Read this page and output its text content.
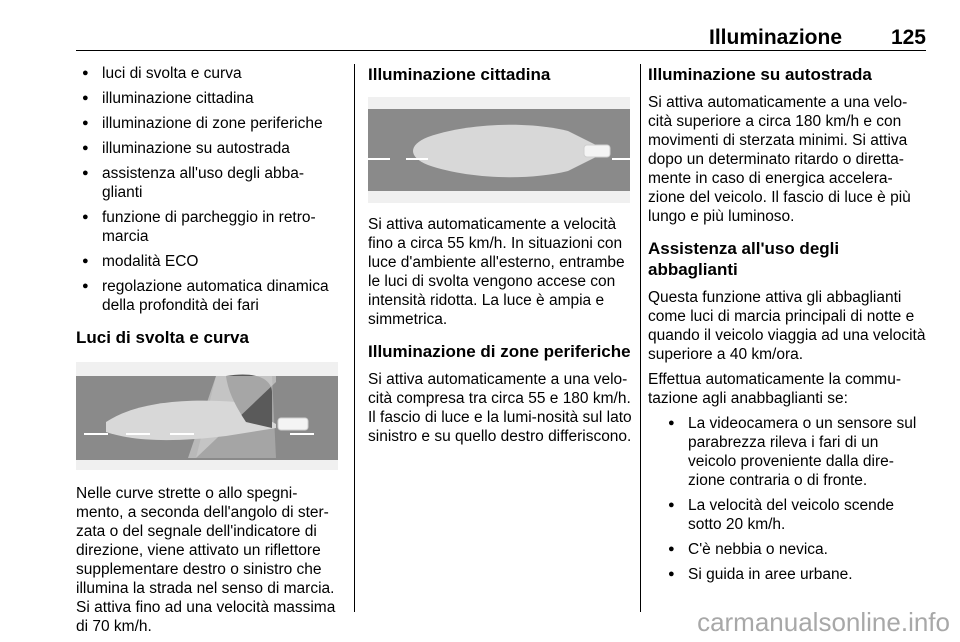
Illuminazione 125
● luci di svolta e curva
● illuminazione cittadina
● illuminazione di zone periferiche
● illuminazione su autostrada
● assistenza all'uso degli abba-glianti
● funzione di parcheggio in retro-marcia
● modalità ECO
● regolazione automatica dinamica della profondità dei fari
Luci di svolta e curva

Nelle curve strette o allo spegni-mento, a seconda dell'angolo di ster-zata o del segnale dell'indicatore di direzione, viene attivato un riflettore supplementare destro o sinistro che illumina la strada nel senso di marcia. Si attiva fino ad una velocità massima di 70 km/h.

Illuminazione cittadina

Si attiva automaticamente a velocità fino a circa 55 km/h. In situazioni con luce d'ambiente all'esterno, entrambe le luci di svolta vengono accese con intensità ridotta. La luce è ampia e simmetrica.

Illuminazione di zone periferiche

Si attiva automaticamente a una velo-cità compresa tra circa 55 e 180 km/h. Il fascio di luce e la lumi-nosità sul lato sinistro e su quello destro differiscono.

Illuminazione su autostrada

Si attiva automaticamente a una velo-cità superiore a circa 180 km/h e con movimenti di sterzata minimi. Si attiva dopo un determinato ritardo o diretta-mente in caso di energica accelera-zione del veicolo. Il fascio di luce è più lungo e più luminoso.

Assistenza all'uso degli abbaglianti

Questa funzione attiva gli abbaglianti come luci di marcia principali di notte e quando il veicolo viaggia ad una velocità superiore a 40 km/ora.

Effettua automaticamente la commu-tazione agli anabbaglianti se:

● La videocamera o un sensore sul parabrezza rileva i fari di un veicolo proveniente dalla dire-zione contraria o di fronte.
● La velocità del veicolo scende sotto 20 km/h.
● C'è nebbia o nevica.
● Si guida in aree urbane.
carmanualsonline.info
